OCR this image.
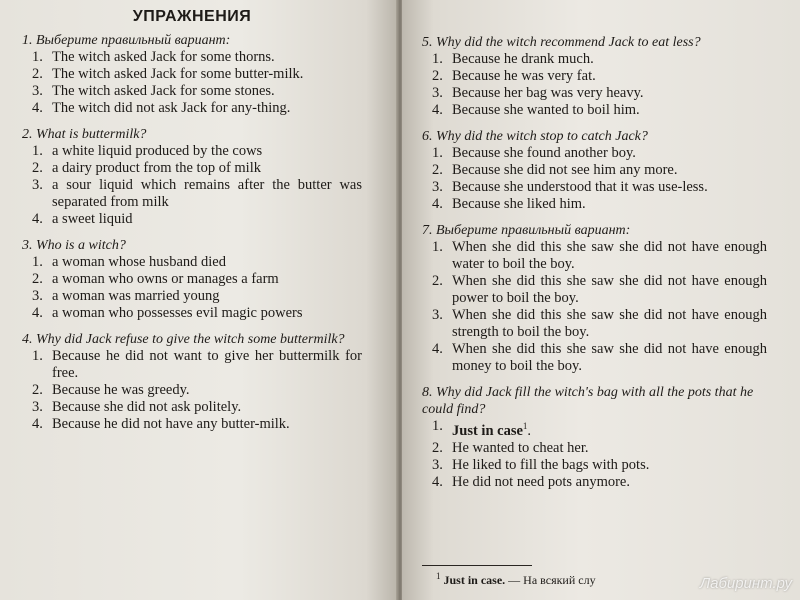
УПРАЖНЕНИЯ

1. Выберите правильный вариант:

1. The witch asked Jack for some thorns.
2. The witch asked Jack for some butter-milk.
3. The witch asked Jack for some stones.
4. The witch did not ask Jack for any-thing.

2. What is buttermilk?

1. a white liquid produced by the cows
2. a dairy product from the top of milk
3. a sour liquid which remains after the butter was separated from milk
4. a sweet liquid

3. Who is a witch?

1. a woman whose husband died
2. a woman who owns or manages a farm
3. a woman was married young
4. a woman who possesses evil magic powers

4. Why did Jack refuse to give the witch some buttermilk?

1. Because he did not want to give her buttermilk for free.
2. Because he was greedy.
3. Because she did not ask politely.
4. Because he did not have any butter-milk.

5. Why did the witch recommend Jack to eat less?

1. Because he drank much.
2. Because he was very fat.
3. Because her bag was very heavy.
4. Because she wanted to boil him.

6. Why did the witch stop to catch Jack?

1. Because she found another boy.
2. Because she did not see him any more.
3. Because she understood that it was use-less.
4. Because she liked him.

7. Выберите правильный вариант:

1. When she did this she saw she did not have enough water to boil the boy.
2. When she did this she saw she did not have enough power to boil the boy.
3. When she did this she saw she did not have enough strength to boil the boy.
4. When she did this she saw she did not have enough money to boil the boy.

8. Why did Jack fill the witch's bag with all the pots that he could find?

1. Just in case$^1$.
2. He wanted to cheat her.
3. He liked to fill the bags with pots.
4. He did not need pots anymore.
$^1$ Just in case. — На всякий слу	Лабиринт.ру
